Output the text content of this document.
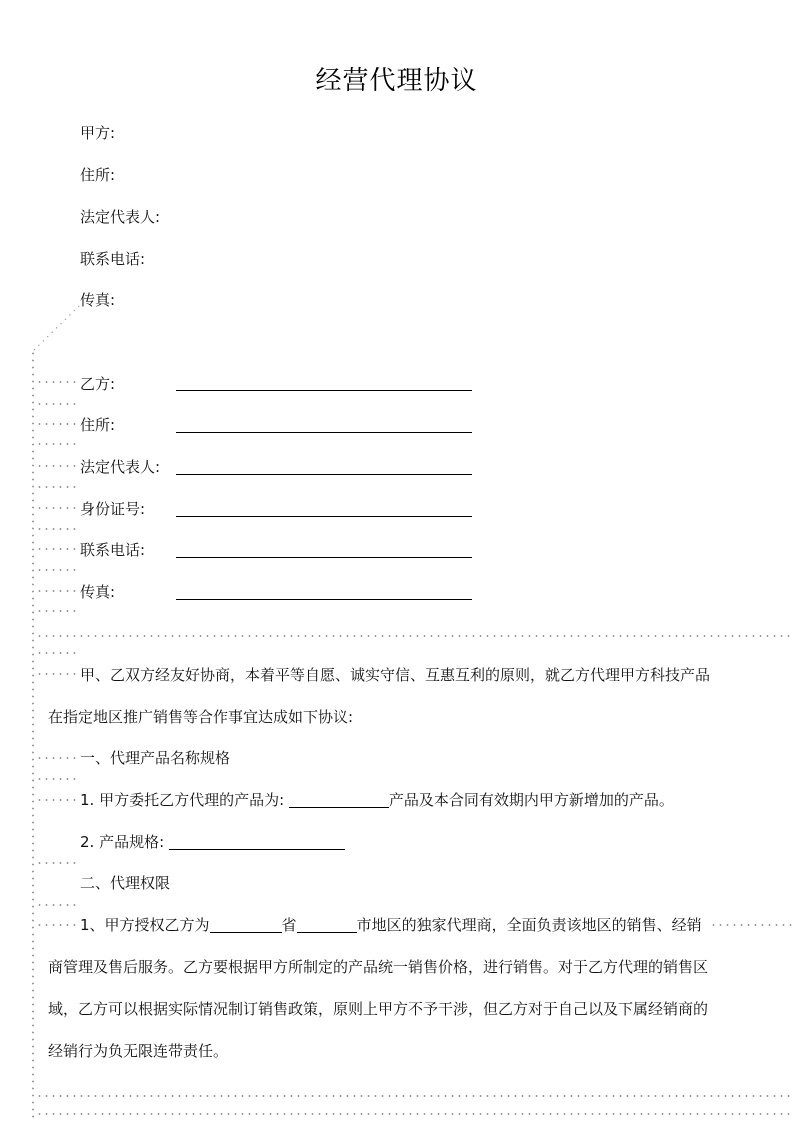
经营代理协议
甲方:
住所:
法定代表人:
联系电话:
传真:
乙方:
住所:
法定代表人:
身份证号:
联系电话:
传真:
甲、乙双方经友好协商，本着平等自愿、诚实守信、互惠互利的原则，就乙方代理甲方科技产品
在指定地区推广销售等合作事宜达成如下协议:
一、代理产品名称规格
1. 甲方委托乙方代理的产品为:	产品及本合同有效期内甲方新增加的产品。
2. 产品规格:
二、代理权限
1、甲方授权乙方为	省	市地区的独家代理商，全面负责该地区的销售、经销
商管理及售后服务。乙方要根据甲方所制定的产品统一销售价格，进行销售。对于乙方代理的销售区
域，乙方可以根据实际情况制订销售政策，原则上甲方不予干涉，但乙方对于自己以及下属经销商的
经销行为负无限连带责任。
